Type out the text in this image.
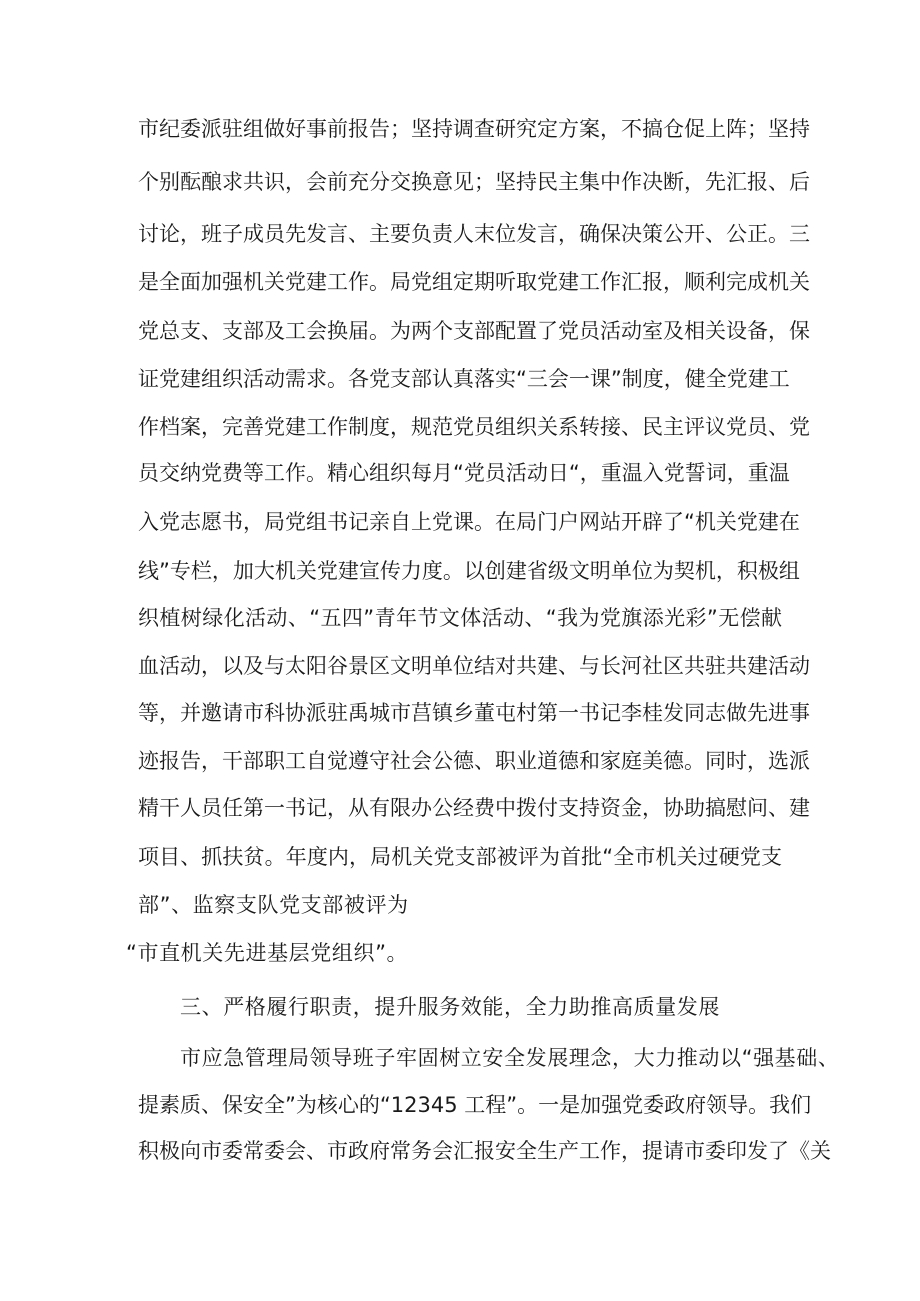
市纪委派驻组做好事前报告；坚持调查研究定方案，不搞仓促上阵；坚持
个别酝酿求共识，会前充分交换意见；坚持民主集中作决断，先汇报、后
讨论，班子成员先发言、主要负责人末位发言，确保决策公开、公正。三
是全面加强机关党建工作。局党组定期听取党建工作汇报，顺利完成机关
党总支、支部及工会换届。为两个支部配置了党员活动室及相关设备，保
证党建组织活动需求。各党支部认真落实“三会一课”制度，健全党建工
作档案，完善党建工作制度，规范党员组织关系转接、民主评议党员、党
员交纳党费等工作。精心组织每月“党员活动日“，重温入党誓词，重温
入党志愿书，局党组书记亲自上党课。在局门户网站开辟了“机关党建在
线”专栏，加大机关党建宣传力度。以创建省级文明单位为契机，积极组
织植树绿化活动、“五四”青年节文体活动、“我为党旗添光彩”无偿献
血活动，以及与太阳谷景区文明单位结对共建、与长河社区共驻共建活动
等，并邀请市科协派驻禹城市莒镇乡董屯村第一书记李桂发同志做先进事
迹报告，干部职工自觉遵守社会公德、职业道德和家庭美德。同时，选派
精干人员任第一书记，从有限办公经费中拨付支持资金，协助搞慰问、建
项目、抓扶贫。年度内，局机关党支部被评为首批“全市机关过硬党支
部”、监察支队党支部被评为
“市直机关先进基层党组织”。
三、严格履行职责，提升服务效能，全力助推高质量发展
市应急管理局领导班子牢固树立安全发展理念，大力推动以“强基础、
提素质、保安全”为核心的“12345 工程”。一是加强党委政府领导。我们
积极向市委常委会、市政府常务会汇报安全生产工作，提请市委印发了《关
